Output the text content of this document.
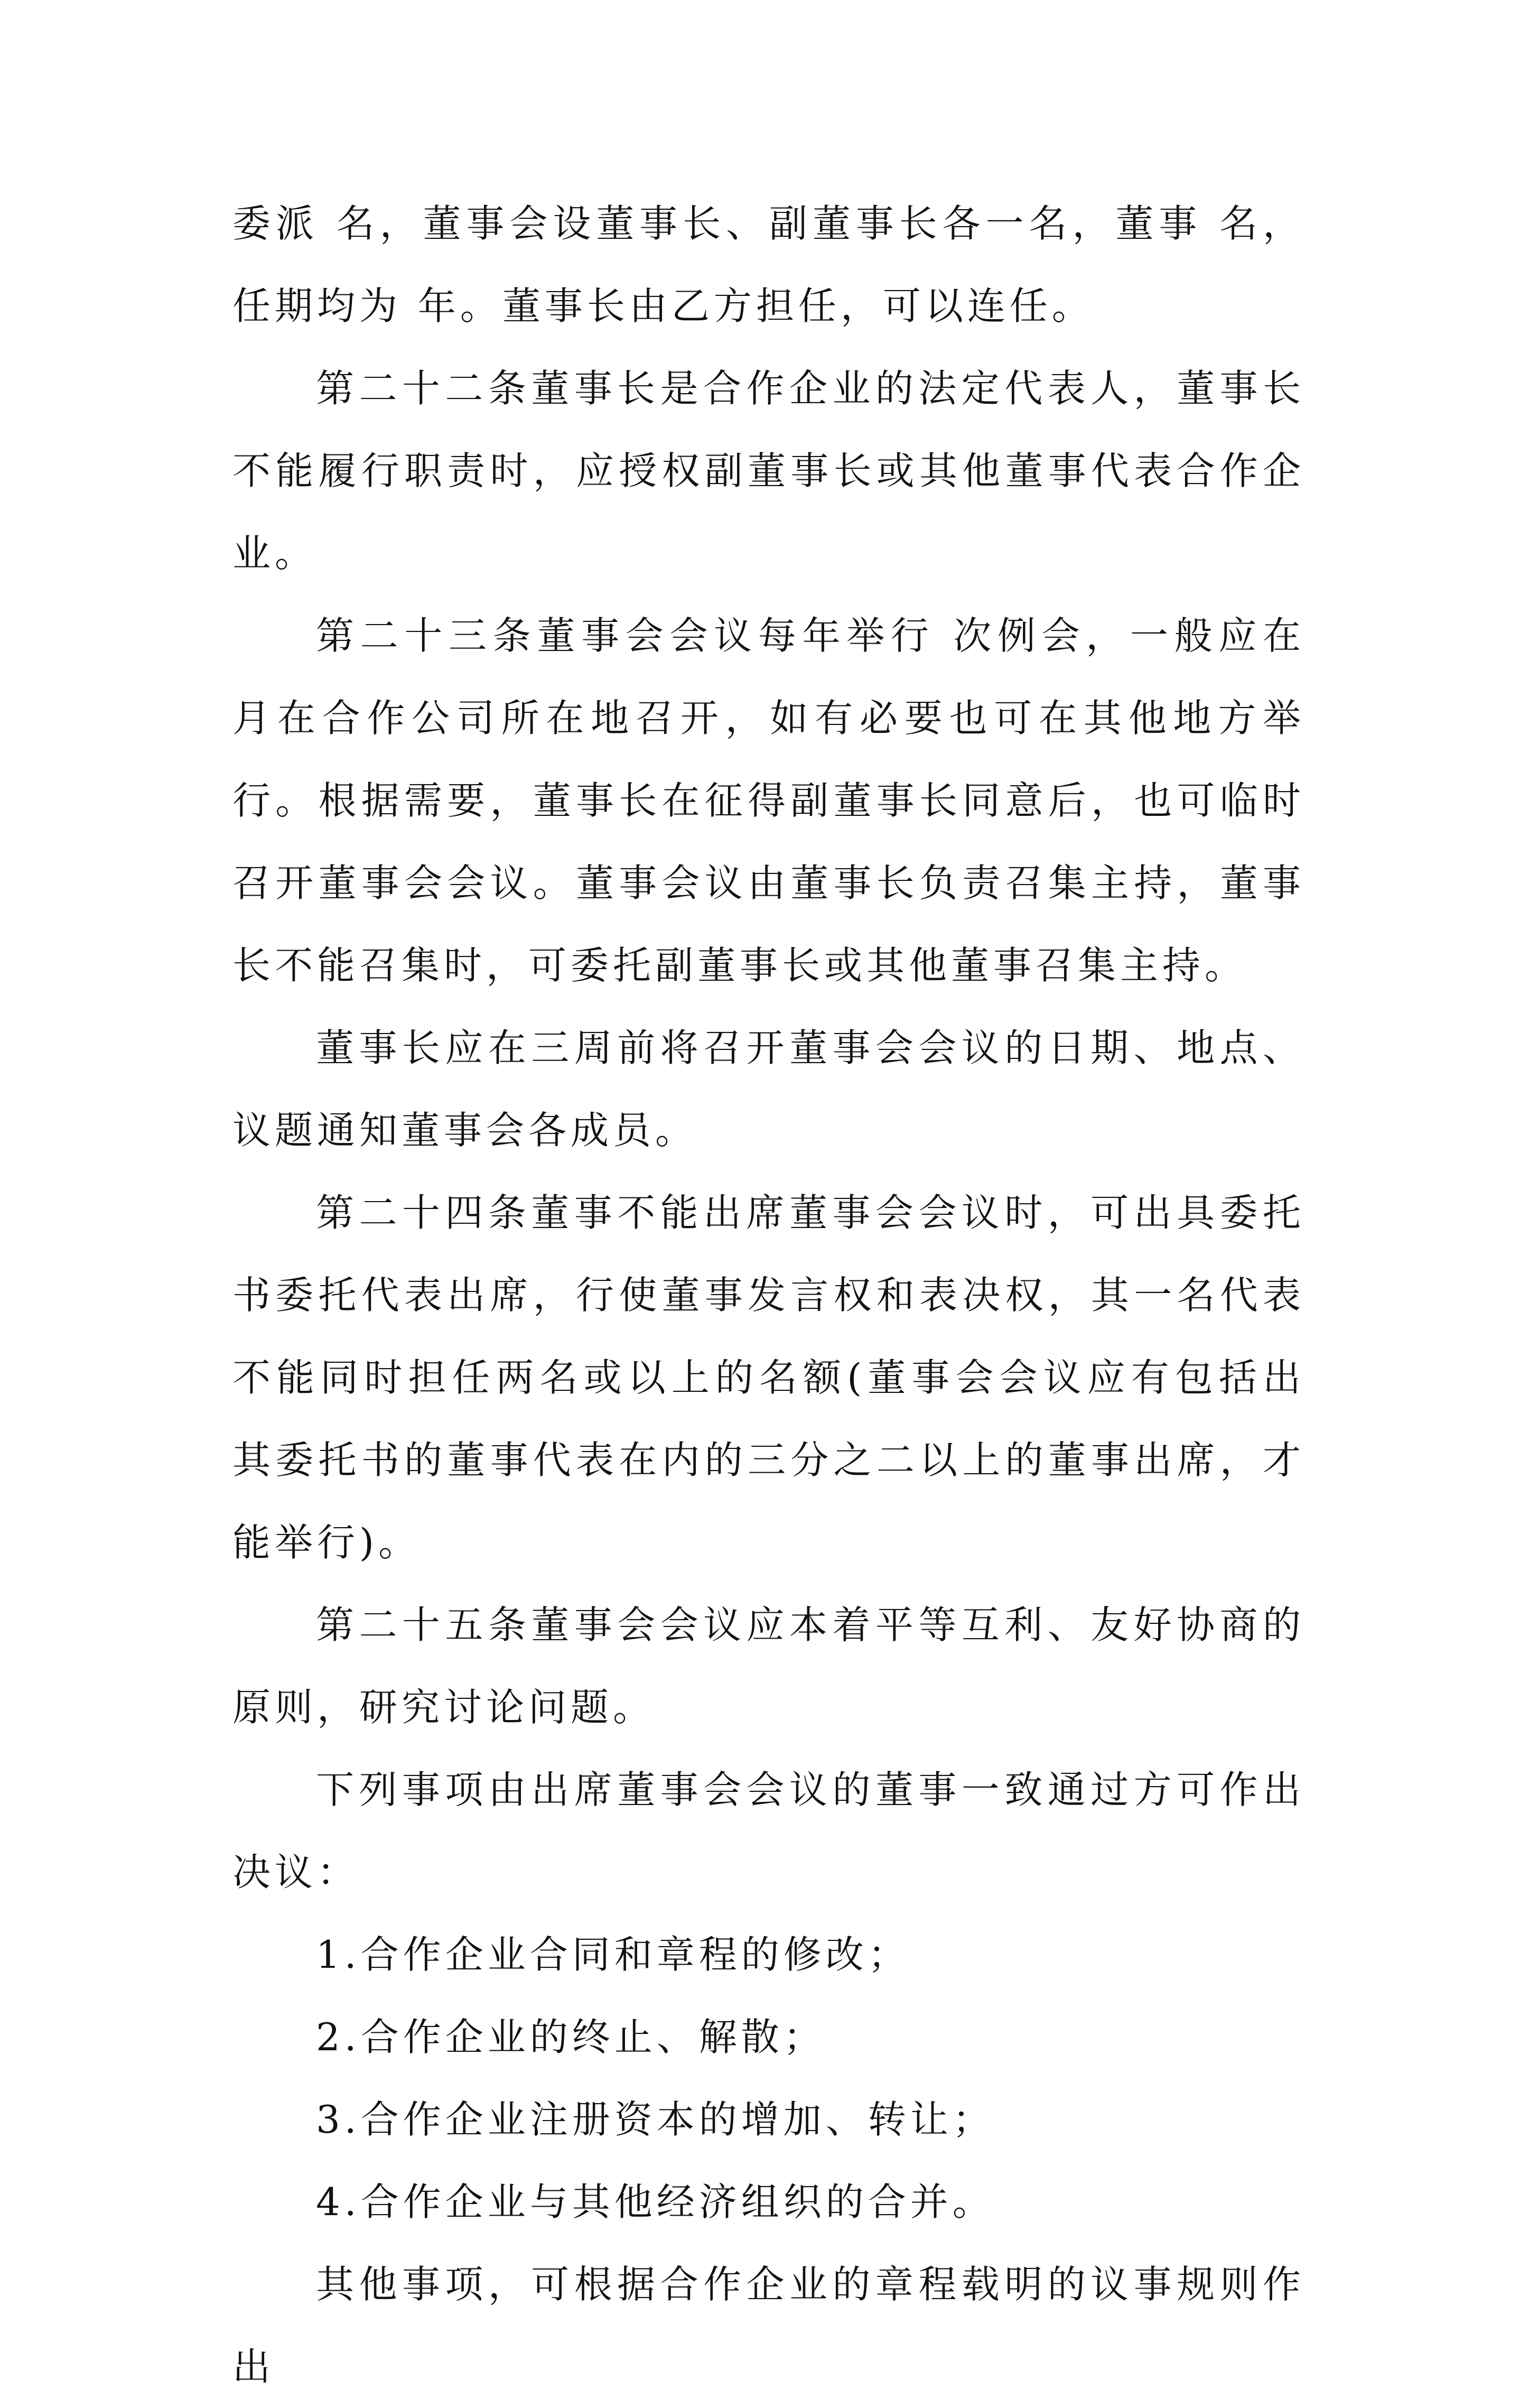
委派 名，董事会设董事长、副董事长各一名，董事 名，任期均为 年。董事长由乙方担任，可以连任。

第二十二条董事长是合作企业的法定代表人，董事长不能履行职责时，应授权副董事长或其他董事代表合作企业。

第二十三条董事会会议每年举行 次例会，一般应在 月在合作公司所在地召开，如有必要也可在其他地方举行。根据需要，董事长在征得副董事长同意后，也可临时召开董事会会议。董事会议由董事长负责召集主持，董事长不能召集时，可委托副董事长或其他董事召集主持。

董事长应在三周前将召开董事会会议的日期、地点、议题通知董事会各成员。

第二十四条董事不能出席董事会会议时，可出具委托书委托代表出席，行使董事发言权和表决权，其一名代表不能同时担任两名或以上的名额(董事会会议应有包括出其委托书的董事代表在内的三分之二以上的董事出席，才能举行)。

第二十五条董事会会议应本着平等互利、友好协商的原则，研究讨论问题。

下列事项由出席董事会会议的董事一致通过方可作出决议：

1.合作企业合同和章程的修改；

2.合作企业的终止、解散；

3.合作企业注册资本的增加、转让；

4.合作企业与其他经济组织的合并。

其他事项，可根据合作企业的章程载明的议事规则作出
